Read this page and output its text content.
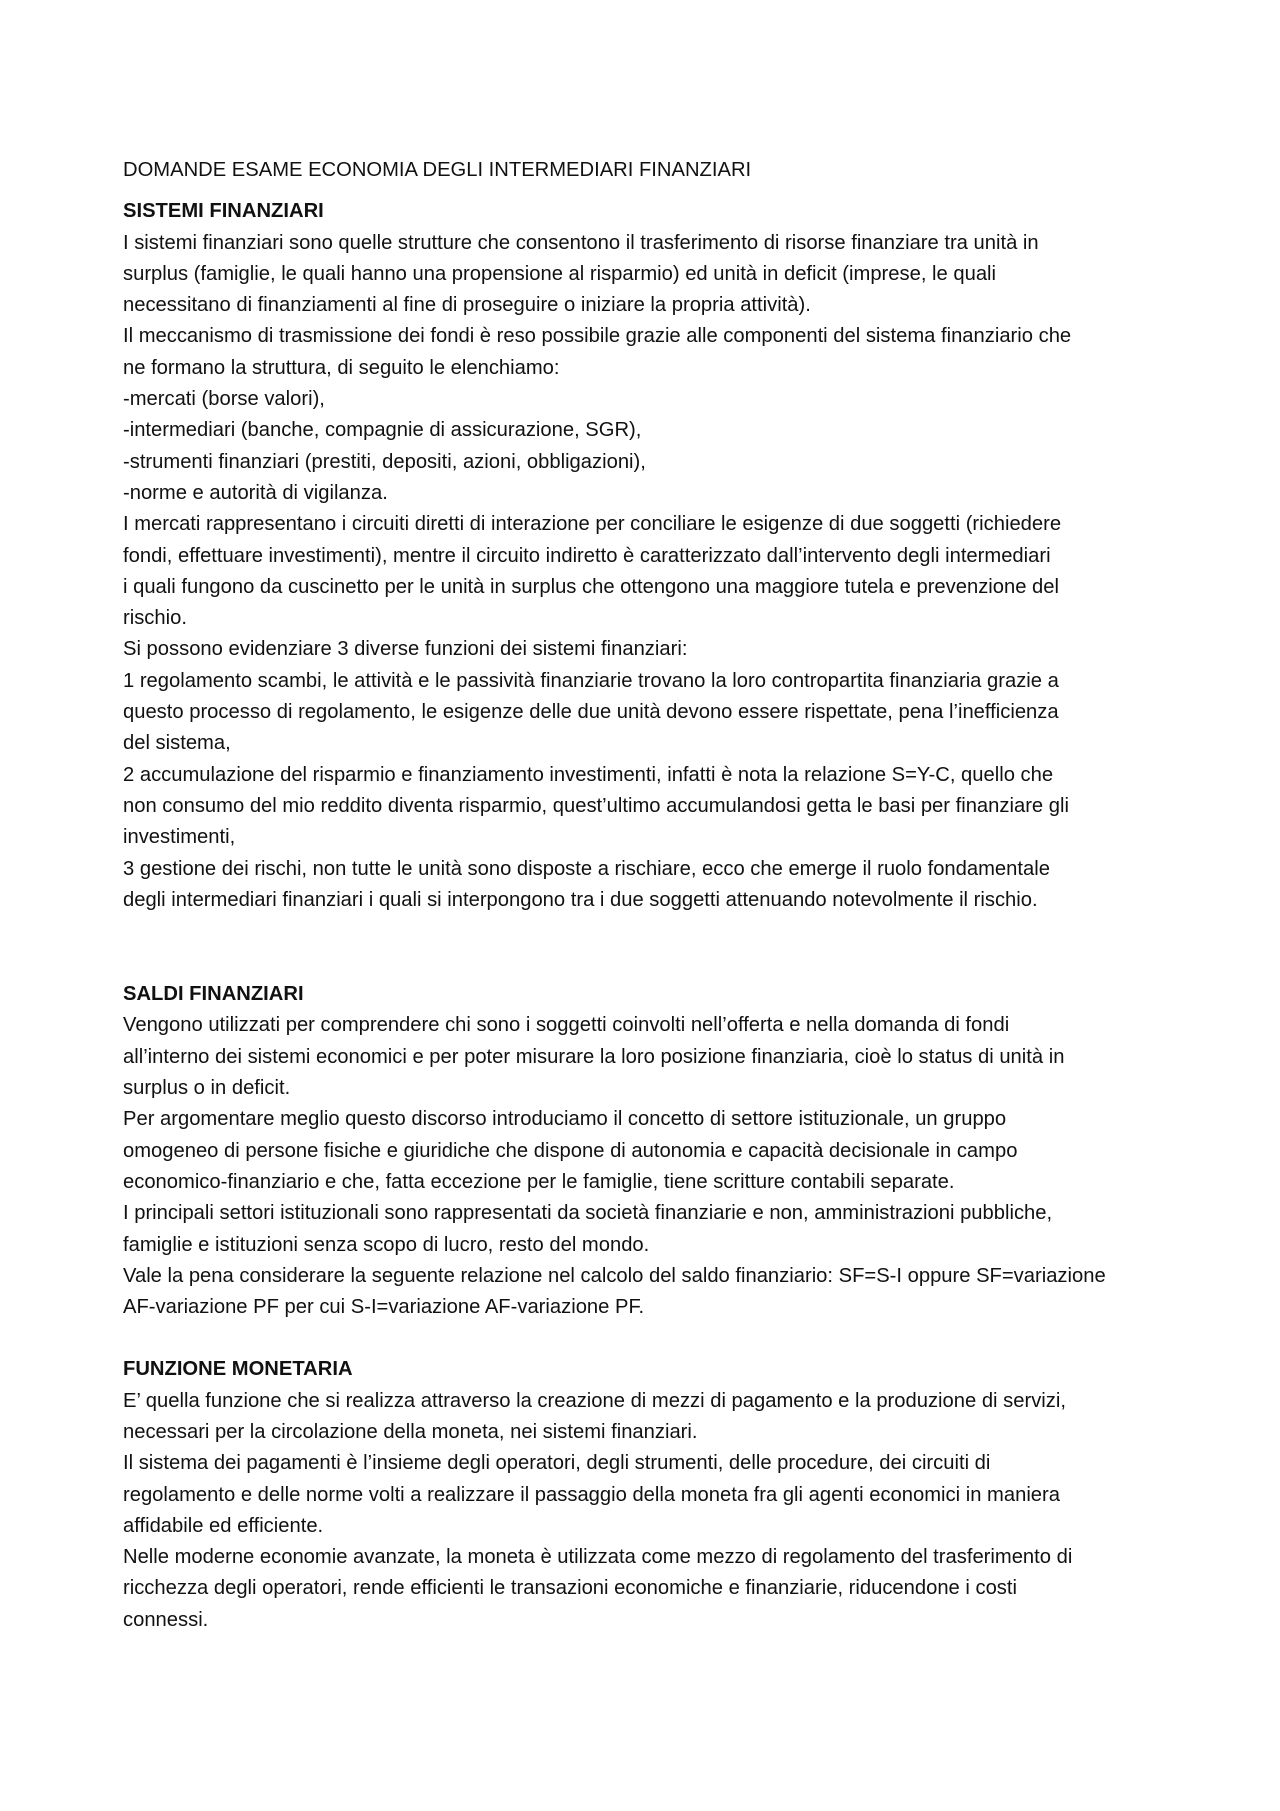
DOMANDE ESAME ECONOMIA DEGLI INTERMEDIARI FINANZIARI
SISTEMI FINANZIARI
I sistemi finanziari sono quelle strutture che consentono il trasferimento di risorse finanziare tra unità in
surplus (famiglie, le quali hanno una propensione al risparmio) ed unità in deficit (imprese, le quali
necessitano di finanziamenti al fine di proseguire o iniziare la propria attività).
Il meccanismo di trasmissione dei fondi è reso possibile grazie alle componenti del sistema finanziario che
ne formano la struttura, di seguito le elenchiamo:
-mercati (borse valori),
-intermediari (banche, compagnie di assicurazione, SGR),
-strumenti finanziari (prestiti, depositi, azioni, obbligazioni),
-norme e autorità di vigilanza.
I mercati rappresentano i circuiti diretti di interazione per conciliare le esigenze di due soggetti (richiedere
fondi, effettuare investimenti), mentre il circuito indiretto è caratterizzato dall’intervento degli intermediari
i quali fungono da cuscinetto per le unità in surplus che ottengono una maggiore tutela e prevenzione del
rischio.
Si possono evidenziare 3 diverse funzioni dei sistemi finanziari:
1 regolamento scambi, le attività e le passività finanziarie trovano la loro contropartita finanziaria grazie a
questo processo di regolamento, le esigenze delle due unità devono essere rispettate, pena l’inefficienza
del sistema,
2 accumulazione del risparmio e finanziamento investimenti, infatti è nota la relazione S=Y-C, quello che
non consumo del mio reddito diventa risparmio, quest’ultimo accumulandosi getta le basi per finanziare gli
investimenti,
3 gestione dei rischi, non tutte le unità sono disposte a rischiare, ecco che emerge il ruolo fondamentale
degli intermediari finanziari i quali si interpongono tra i due soggetti attenuando notevolmente il rischio.
SALDI FINANZIARI
Vengono utilizzati per comprendere chi sono i soggetti coinvolti nell’offerta e nella domanda di fondi
all’interno dei sistemi economici e per poter misurare la loro posizione finanziaria, cioè lo status di unità in
surplus o in deficit.
Per argomentare meglio questo discorso introduciamo il concetto di settore istituzionale, un gruppo
omogeneo di persone fisiche e giuridiche che dispone di autonomia e capacità decisionale in campo
economico-finanziario e che, fatta eccezione per le famiglie, tiene scritture contabili separate.
I principali settori istituzionali sono rappresentati da società finanziarie e non, amministrazioni pubbliche,
famiglie e istituzioni senza scopo di lucro, resto del mondo.
Vale la pena considerare la seguente relazione nel calcolo del saldo finanziario: SF=S-I oppure SF=variazione
AF-variazione PF per cui S-I=variazione AF-variazione PF.
FUNZIONE MONETARIA
E’ quella funzione che si realizza attraverso la creazione di mezzi di pagamento e la produzione di servizi,
necessari per la circolazione della moneta, nei sistemi finanziari.
Il sistema dei pagamenti è l’insieme degli operatori, degli strumenti, delle procedure, dei circuiti di
regolamento e delle norme volti a realizzare il passaggio della moneta fra gli agenti economici in maniera
affidabile ed efficiente.
Nelle moderne economie avanzate, la moneta è utilizzata come mezzo di regolamento del trasferimento di
ricchezza degli operatori, rende efficienti le transazioni economiche e finanziarie, riducendone i costi
connessi.
